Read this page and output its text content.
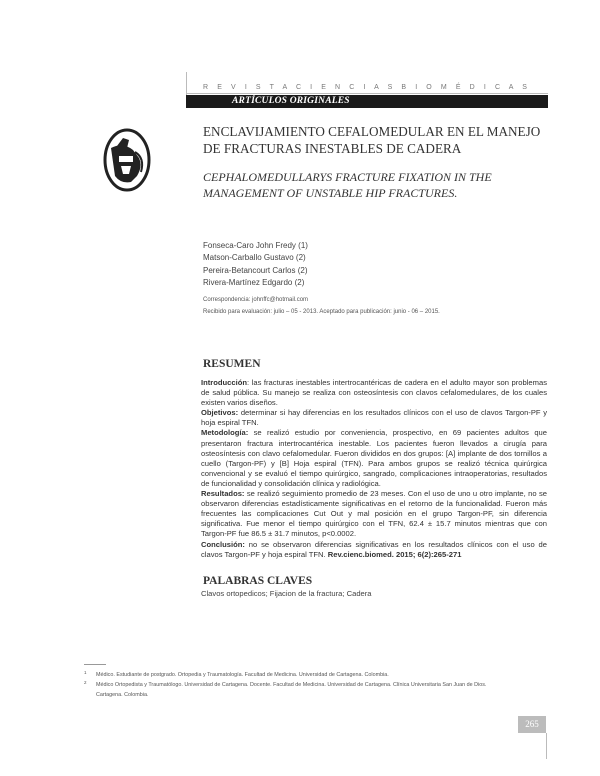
R E V I S T A C I E N C I A S B I O M É D I C A S
ARTÍCULOS ORIGINALES
ENCLAVIJAMIENTO CEFALOMEDULAR EN EL MANEJO DE FRACTURAS INESTABLES DE CADERA
CEPHALOMEDULLARYS FRACTURE FIXATION IN THE MANAGEMENT OF UNSTABLE HIP FRACTURES.
Fonseca-Caro John Fredy (1)
Matson-Carballo Gustavo (2)
Pereira-Betancourt Carlos (2)
Rivera-Martínez Edgardo (2)
Correspondencia: johnffc@hotmail.com
Recibido para evaluación: julio – 05 - 2013. Aceptado para publicación: junio - 06 – 2015.
RESUMEN

Introducción: las fracturas inestables intertrocantéricas de cadera en el adulto mayor son problemas de salud pública. Su manejo se realiza con osteosíntesis con clavos cefalomedulares, de los cuales existen varios diseños.

Objetivos: determinar si hay diferencias en los resultados clínicos con el uso de clavos Targon-PF y hoja espiral TFN.

Metodología: se realizó estudio por conveniencia, prospectivo, en 69 pacientes adultos que presentaron fractura intertrocantérica inestable. Los pacientes fueron llevados a cirugía para osteosíntesis con clavo cefalomedular. Fueron divididos en dos grupos: [A] implante de dos tornillos a cuello (Targon-PF) y [B] Hoja espiral (TFN). Para ambos grupos se realizó técnica quirúrgica convencional y se evaluó el tiempo quirúrgico, sangrado, complicaciones intraoperatorias, resultados de funcionalidad y consolidación clínica y radiológica.

Resultados: se realizó seguimiento promedio de 23 meses. Con el uso de uno u otro implante, no se observaron diferencias estadísticamente significativas en el retorno de la funcionalidad. Fueron más frecuentes las complicaciones Cut Out y mal posición en el grupo Targon-PF, sin diferencia significativa. Fue menor el tiempo quirúrgico con el TFN, 62.4 ± 15.7 minutos mientras que con Targon-PF fue 86.5 ± 31.7 minutos, p<0.0002.

Conclusión: no se observaron diferencias significativas en los resultados clínicos con el uso de clavos Targon-PF y hoja espiral TFN. Rev.cienc.biomed. 2015; 6(2):265-271

PALABRAS CLAVES
Clavos ortopedicos; Fijacion de la fractura; Cadera
1 Médico. Estudiante de postgrado. Ortopedia y Traumatología. Facultad de Medicina. Universidad de Cartagena. Colombia.
2 Médico Ortopedista y Traumatólogo. Universidad de Cartagena. Docente. Facultad de Medicina. Universidad de Cartagena. Clínica Universitaria San Juan de Dios. Cartagena. Colombia.
265
